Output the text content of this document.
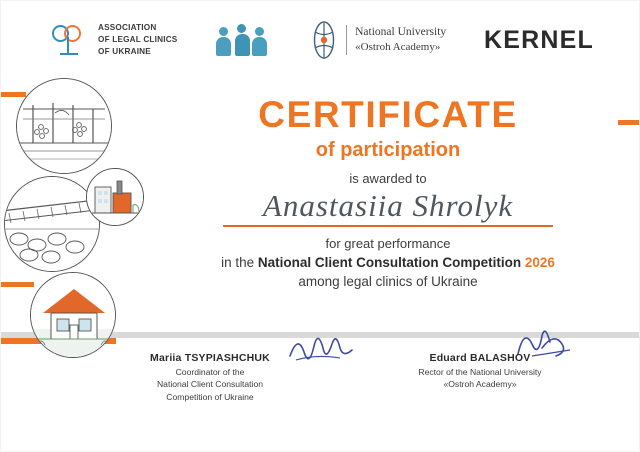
ASSOCIATION
OF LEGAL CLINICS
OF UKRAINE
National University
«Ostroh Academy» KERNEL
CERTIFICATE
of participation
is awarded to
Anastasiia Shrolyk
for great performance
in the National Client Consultation Competition 2026
among legal clinics of Ukraine
Mariia TSYPIASHCHUK
Coordinator of the
National Client Consultation
Competition of Ukraine
Eduard BALASHOV
Rector of the National University
«Ostroh Academy»
